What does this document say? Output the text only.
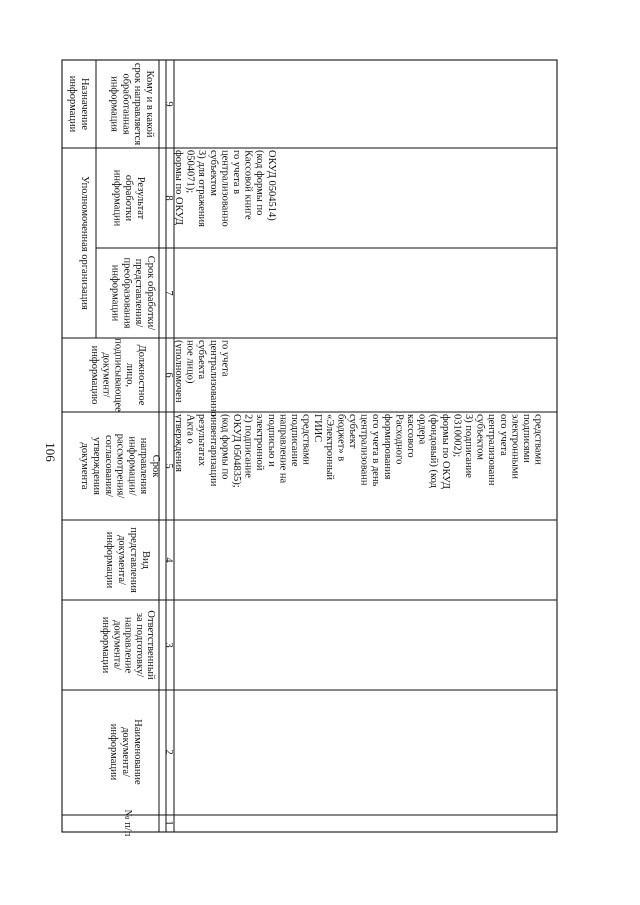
106
№ п/п
Наименование
документа/
информации
Ответственный
за подготовку/
направление
документа/
информации
Вид
представления
документа/
информации
Срок
направления
информации/
рассмотрения/
согласования/
утверждения
документа
Должностное
лицо,
подписывающее
документ/
информацию
Уполномоченная организация	Срок обработки/
представления/
преобразования
информации
Результат
обработки
информации
Назначение
информации	Кому и в какой
срок направляется
обработанная
информация
1
2
3
4
5
6
7
8
9
утверждения Акта о результатах инвентаризации (код формы по ОКУД 0504835); 2) подписание электронной подписью и направление на подписание средствами ГИИС «Электронный бюджет» в субъект централизованн ого учета в день формирования Расходного кассового ордера (фондовый) (код формы по ОКУД 0310002); 3) подписание субъектом централизованн ого учета электронными подписями средствами
(уполномочен ное лицо) субъекта централизованно го учета
формы по ОКУД 0504071); 3) для отражения субъектом централизованно го учета в Кассовой книге (код формы по ОКУД 0504514)
